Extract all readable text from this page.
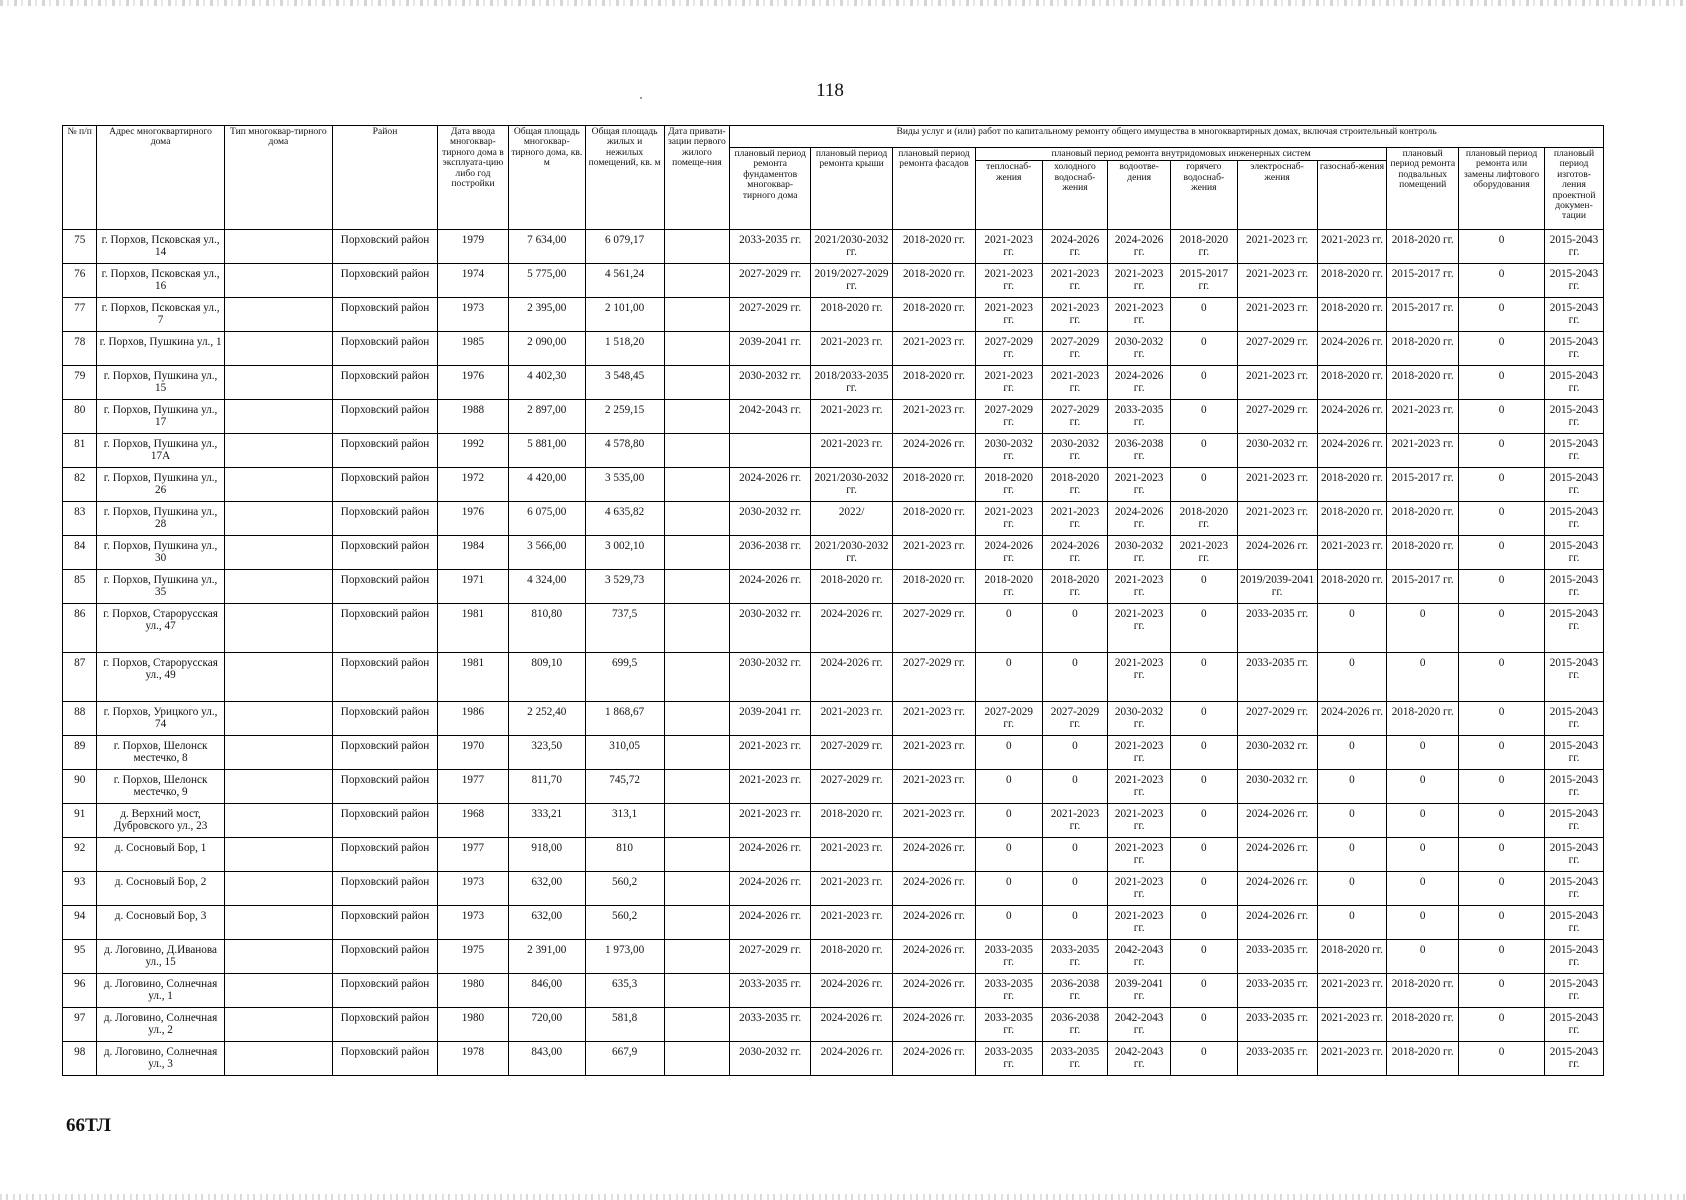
118
№ п/п	Адрес многоквартирного дома	Тип многоквар-тирного дома	Район	Дата ввода многоквар-тирного дома в эксплуата-цию либо год постройки	Общая площадь многоквар-тирного дома, кв. м	Общая площадь жилых и нежилых помещений, кв. м	Дата привати-зации первого жилого помеще-ния	Виды услуг и (или) работ по капитальному ремонту общего имущества в многоквартирных домах, включая строительный контроль											
								плановый период ремонта фундаментов многоквар-тирного дома	плановый период ремонта крыши	плановый период ремонта фасадов	плановый период ремонта внутридомовых инженерных систем						плановый период ремонта подвальных помещений	плановый период ремонта или замены лифтового оборудования	плановый период изготов-ления проектной докумен-тации
											теплоснаб-жения	холодного водоснаб-жения	водоотве-дения	горячего водоснаб-жения	электроснаб-жения	газоснаб-жения			
75	г. Порхов, Псковская ул., 14		Порховский район	1979	7 634,00	6 079,17		2033-2035 гг.	2021/2030-2032 гг.	2018-2020 гг.	2021-2023 гг.	2024-2026 гг.	2024-2026 гг.	2018-2020 гг.	2021-2023 гг.	2021-2023 гг.	2018-2020 гг.	0	2015-2043 гг.
76	г. Порхов, Псковская ул., 16		Порховский район	1974	5 775,00	4 561,24		2027-2029 гг.	2019/2027-2029 гг.	2018-2020 гг.	2021-2023 гг.	2021-2023 гг.	2021-2023 гг.	2015-2017 гг.	2021-2023 гг.	2018-2020 гг.	2015-2017 гг.	0	2015-2043 гг.
77	г. Порхов, Псковская ул., 7		Порховский район	1973	2 395,00	2 101,00		2027-2029 гг.	2018-2020 гг.	2018-2020 гг.	2021-2023 гг.	2021-2023 гг.	2021-2023 гг.	0	2021-2023 гг.	2018-2020 гг.	2015-2017 гг.	0	2015-2043 гг.
78	г. Порхов, Пушкина ул., 1		Порховский район	1985	2 090,00	1 518,20		2039-2041 гг.	2021-2023 гг.	2021-2023 гг.	2027-2029 гг.	2027-2029 гг.	2030-2032 гг.	0	2027-2029 гг.	2024-2026 гг.	2018-2020 гг.	0	2015-2043 гг.
79	г. Порхов, Пушкина ул., 15		Порховский район	1976	4 402,30	3 548,45		2030-2032 гг.	2018/2033-2035 гг.	2018-2020 гг.	2021-2023 гг.	2021-2023 гг.	2024-2026 гг.	0	2021-2023 гг.	2018-2020 гг.	2018-2020 гг.	0	2015-2043 гг.
80	г. Порхов, Пушкина ул., 17		Порховский район	1988	2 897,00	2 259,15		2042-2043 гг.	2021-2023 гг.	2021-2023 гг.	2027-2029 гг.	2027-2029 гг.	2033-2035 гг.	0	2027-2029 гг.	2024-2026 гг.	2021-2023 гг.	0	2015-2043 гг.
81	г. Порхов, Пушкина ул., 17А		Порховский район	1992	5 881,00	4 578,80			2021-2023 гг.	2024-2026 гг.	2030-2032 гг.	2030-2032 гг.	2036-2038 гг.	0	2030-2032 гг.	2024-2026 гг.	2021-2023 гг.	0	2015-2043 гг.
82	г. Порхов, Пушкина ул., 26		Порховский район	1972	4 420,00	3 535,00		2024-2026 гг.	2021/2030-2032 гг.	2018-2020 гг.	2018-2020 гг.	2018-2020 гг.	2021-2023 гг.	0	2021-2023 гг.	2018-2020 гг.	2015-2017 гг.	0	2015-2043 гг.
83	г. Порхов, Пушкина ул., 28		Порховский район	1976	6 075,00	4 635,82		2030-2032 гг.	2022/	2018-2020 гг.	2021-2023 гг.	2021-2023 гг.	2024-2026 гг.	2018-2020 гг.	2021-2023 гг.	2018-2020 гг.	2018-2020 гг.	0	2015-2043 гг.
84	г. Порхов, Пушкина ул., 30		Порховский район	1984	3 566,00	3 002,10		2036-2038 гг.	2021/2030-2032 гг.	2021-2023 гг.	2024-2026 гг.	2024-2026 гг.	2030-2032 гг.	2021-2023 гг.	2024-2026 гг.	2021-2023 гг.	2018-2020 гг.	0	2015-2043 гг.
85	г. Порхов, Пушкина ул., 35		Порховский район	1971	4 324,00	3 529,73		2024-2026 гг.	2018-2020 гг.	2018-2020 гг.	2018-2020 гг.	2018-2020 гг.	2021-2023 гг.	0	2019/2039-2041 гг.	2018-2020 гг.	2015-2017 гг.	0	2015-2043 гг.
86	г. Порхов, Старорусская ул., 47		Порховский район	1981	810,80	737,5		2030-2032 гг.	2024-2026 гг.	2027-2029 гг.	0	0	2021-2023 гг.	0	2033-2035 гг.	0	0	0	2015-2043 гг.
87	г. Порхов, Старорусская ул., 49		Порховский район	1981	809,10	699,5		2030-2032 гг.	2024-2026 гг.	2027-2029 гг.	0	0	2021-2023 гг.	0	2033-2035 гг.	0	0	0	2015-2043 гг.
88	г. Порхов, Урицкого ул., 74		Порховский район	1986	2 252,40	1 868,67		2039-2041 гг.	2021-2023 гг.	2021-2023 гг.	2027-2029 гг.	2027-2029 гг.	2030-2032 гг.	0	2027-2029 гг.	2024-2026 гг.	2018-2020 гг.	0	2015-2043 гг.
89	г. Порхов, Шелонск местечко, 8		Порховский район	1970	323,50	310,05		2021-2023 гг.	2027-2029 гг.	2021-2023 гг.	0	0	2021-2023 гг.	0	2030-2032 гг.	0	0	0	2015-2043 гг.
90	г. Порхов, Шелонск местечко, 9		Порховский район	1977	811,70	745,72		2021-2023 гг.	2027-2029 гг.	2021-2023 гг.	0	0	2021-2023 гг.	0	2030-2032 гг.	0	0	0	2015-2043 гг.
91	д. Верхний мост, Дубровского ул., 23		Порховский район	1968	333,21	313,1		2021-2023 гг.	2018-2020 гг.	2021-2023 гг.	0	2021-2023 гг.	2021-2023 гг.	0	2024-2026 гг.	0	0	0	2015-2043 гг.
92	д. Сосновый Бор, 1		Порховский район	1977	918,00	810		2024-2026 гг.	2021-2023 гг.	2024-2026 гг.	0	0	2021-2023 гг.	0	2024-2026 гг.	0	0	0	2015-2043 гг.
93	д. Сосновый Бор, 2		Порховский район	1973	632,00	560,2		2024-2026 гг.	2021-2023 гг.	2024-2026 гг.	0	0	2021-2023 гг.	0	2024-2026 гг.	0	0	0	2015-2043 гг.
94	д. Сосновый Бор, 3		Порховский район	1973	632,00	560,2		2024-2026 гг.	2021-2023 гг.	2024-2026 гг.	0	0	2021-2023 гг.	0	2024-2026 гг.	0	0	0	2015-2043 гг.
95	д. Логовино, Д.Иванова ул., 15		Порховский район	1975	2 391,00	1 973,00		2027-2029 гг.	2018-2020 гг.	2024-2026 гг.	2033-2035 гг.	2033-2035 гг.	2042-2043 гг.	0	2033-2035 гг.	2018-2020 гг.	0	0	2015-2043 гг.
96	д. Логовино, Солнечная ул., 1		Порховский район	1980	846,00	635,3		2033-2035 гг.	2024-2026 гг.	2024-2026 гг.	2033-2035 гг.	2036-2038 гг.	2039-2041 гг.	0	2033-2035 гг.	2021-2023 гг.	2018-2020 гг.	0	2015-2043 гг.
97	д. Логовино, Солнечная ул., 2		Порховский район	1980	720,00	581,8		2033-2035 гг.	2024-2026 гг.	2024-2026 гг.	2033-2035 гг.	2036-2038 гг.	2042-2043 гг.	0	2033-2035 гг.	2021-2023 гг.	2018-2020 гг.	0	2015-2043 гг.
98	д. Логовино, Солнечная ул., 3		Порховский район	1978	843,00	667,9		2030-2032 гг.	2024-2026 гг.	2024-2026 гг.	2033-2035 гг.	2033-2035 гг.	2042-2043 гг.	0	2033-2035 гг.	2021-2023 гг.	2018-2020 гг.	0	2015-2043 гг.
66ТЛ
